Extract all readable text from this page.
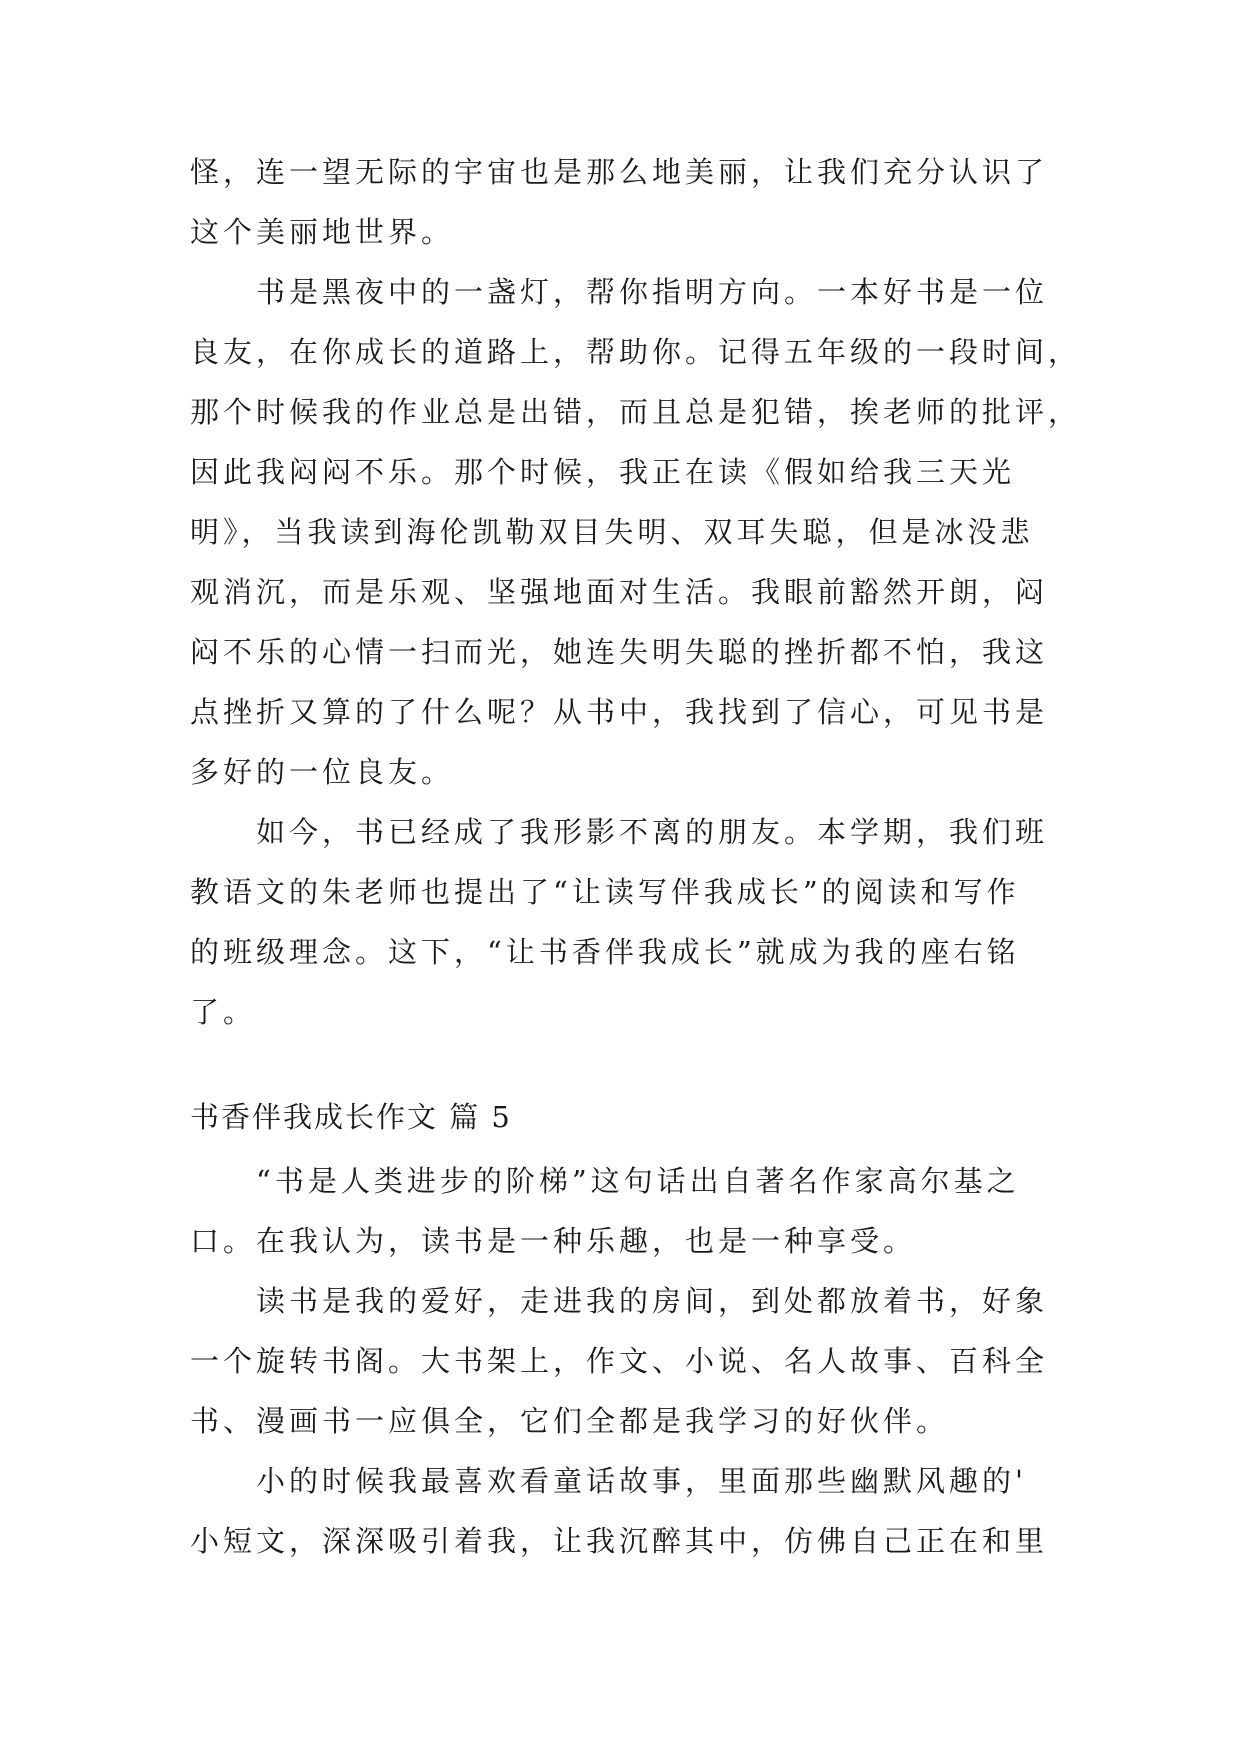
怪，连一望无际的宇宙也是那么地美丽，让我们充分认识了
这个美丽地世界。
　　书是黑夜中的一盏灯，帮你指明方向。一本好书是一位
良友，在你成长的道路上，帮助你。记得五年级的一段时间，
那个时候我的作业总是出错，而且总是犯错，挨老师的批评，
因此我闷闷不乐。那个时候，我正在读《假如给我三天光
明》，当我读到海伦凯勒双目失明、双耳失聪，但是冰没悲
观消沉，而是乐观、坚强地面对生活。我眼前豁然开朗，闷
闷不乐的心情一扫而光，她连失明失聪的挫折都不怕，我这
点挫折又算的了什么呢？从书中，我找到了信心，可见书是
多好的一位良友。
　　如今，书已经成了我形影不离的朋友。本学期，我们班
教语文的朱老师也提出了“让读写伴我成长”的阅读和写作
的班级理念。这下，“让书香伴我成长”就成为我的座右铭
了。
书香伴我成长作文 篇 5
　　“书是人类进步的阶梯”这句话出自著名作家高尔基之
口。在我认为，读书是一种乐趣，也是一种享受。
　　读书是我的爱好，走进我的房间，到处都放着书，好象
一个旋转书阁。大书架上，作文、小说、名人故事、百科全
书、漫画书一应俱全，它们全都是我学习的好伙伴。
　　小的时候我最喜欢看童话故事，里面那些幽默风趣的'
小短文，深深吸引着我，让我沉醉其中，仿佛自己正在和里
